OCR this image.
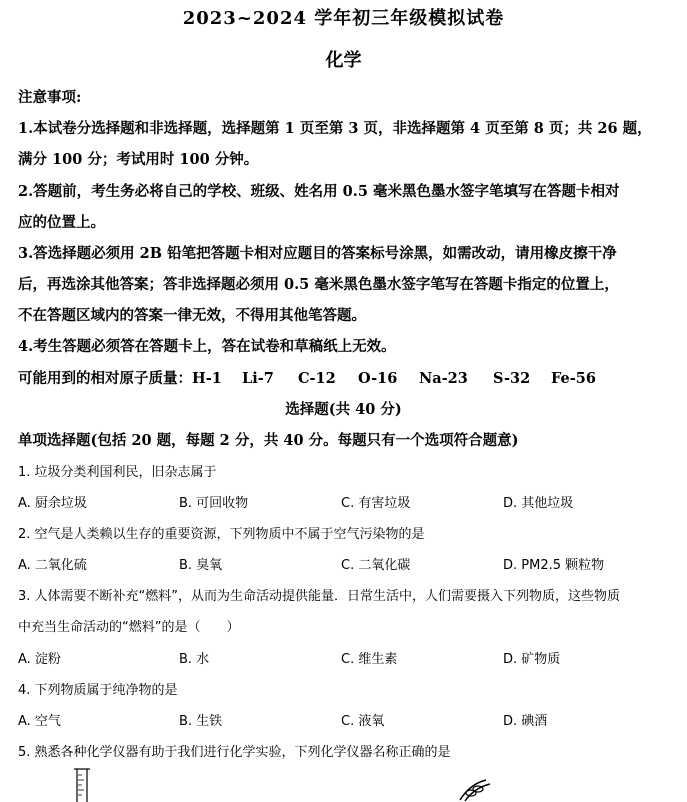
2023~2024 学年初三年级模拟试卷
化学
注意事项:
1.本试卷分选择题和非选择题，选择题第 1 页至第 3 页，非选择题第 4 页至第 8 页；共 26 题，
满分 100 分；考试用时 100 分钟。
2.答题前，考生务必将自己的学校、班级、姓名用 0.5 毫米黑色墨水签字笔填写在答题卡相对
应的位置上。
3.答选择题必须用 2B 铅笔把答题卡相对应题目的答案标号涂黑，如需改动，请用橡皮擦干净
后，再选涂其他答案；答非选择题必须用 0.5 毫米黑色墨水签字笔写在答题卡指定的位置上，
不在答题区域内的答案一律无效，不得用其他笔答题。
4.考生答题必须答在答题卡上，答在试卷和草稿纸上无效。
可能用到的相对原子质量：H-1 Li-7 C-12 O-16 Na-23 S-32 Fe-56
选择题(共 40 分)
单项选择题(包括 20 题，每题 2 分，共 40 分。每题只有一个选项符合题意)
1. 垃圾分类利国利民，旧杂志属于
A. 厨余垃圾	B. 可回收物	C. 有害垃圾	D. 其他垃圾
2. 空气是人类赖以生存的重要资源，下列物质中不属于空气污染物的是
A. 二氧化硫	B. 臭氧	C. 二氧化碳	D. PM2.5 颗粒物
3. 人体需要不断补充“燃料”，从而为生命活动提供能量．日常生活中，人们需要摄入下列物质，这些物质
中充当生命活动的“燃料”的是（　　）
A. 淀粉	B. 水	C. 维生素	D. 矿物质
4. 下列物质属于纯净物的是
A. 空气	B. 生铁	C. 液氧	D. 碘酒
5. 熟悉各种化学仪器有助于我们进行化学实验，下列化学仪器名称正确的是
